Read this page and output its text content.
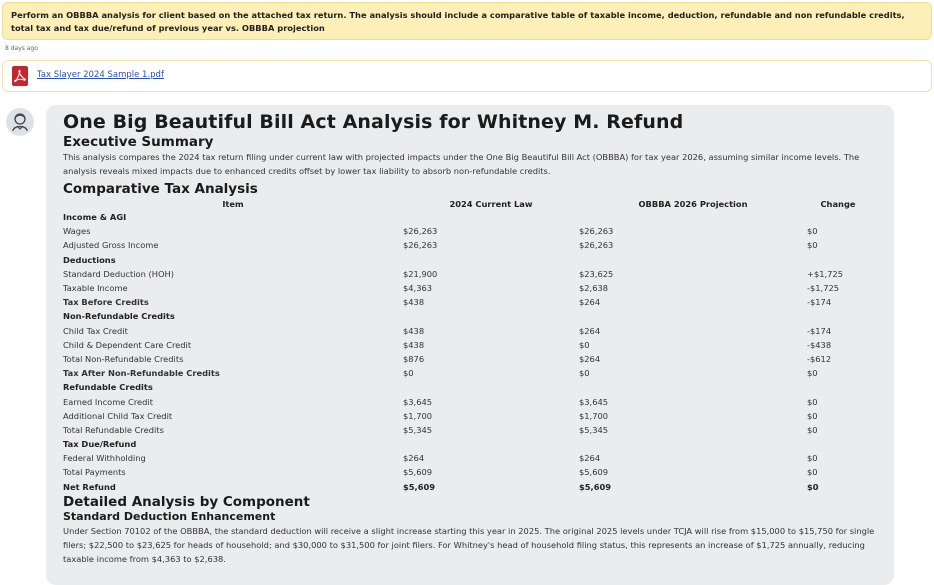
Perform an OBBBA analysis for client based on the attached tax return. The analysis should include a comparative table of taxable income, deduction, refundable and non refundable credits, total tax and tax due/refund of previous year vs. OBBBA projection
8 days ago
Tax Slayer 2024 Sample 1.pdf
One Big Beautiful Bill Act Analysis for Whitney M. Refund
Executive Summary

This analysis compares the 2024 tax return filing under current law with projected impacts under the One Big Beautiful Bill Act (OBBBA) for tax year 2026, assuming similar income levels. The analysis reveals mixed impacts due to enhanced credits offset by lower tax liability to absorb non-refundable credits.

Comparative Tax Analysis
Item	2024 Current Law	OBBBA 2026 Projection	Change
Income & AGI			
Wages	$26,263	$26,263	$0
Adjusted Gross Income	$26,263	$26,263	$0
Deductions			
Standard Deduction (HOH)	$21,900	$23,625	+$1,725
Taxable Income	$4,363	$2,638	-$1,725
Tax Before Credits	$438	$264	-$174
Non-Refundable Credits			
Child Tax Credit	$438	$264	-$174
Child & Dependent Care Credit	$438	$0	-$438
Total Non-Refundable Credits	$876	$264	-$612
Tax After Non-Refundable Credits	$0	$0	$0
Refundable Credits			
Earned Income Credit	$3,645	$3,645	$0
Additional Child Tax Credit	$1,700	$1,700	$0
Total Refundable Credits	$5,345	$5,345	$0
Tax Due/Refund			
Federal Withholding	$264	$264	$0
Total Payments	$5,609	$5,609	$0
Net Refund	$5,609	$5,609	$0
Detailed Analysis by Component
Standard Deduction Enhancement

Under Section 70102 of the OBBBA, the standard deduction will receive a slight increase starting this year in 2025. The original 2025 levels under TCJA will rise from $15,000 to $15,750 for single filers; $22,500 to $23,625 for heads of household; and $30,000 to $31,500 for joint filers. For Whitney's head of household filing status, this represents an increase of $1,725 annually, reducing taxable income from $4,363 to $2,638.
